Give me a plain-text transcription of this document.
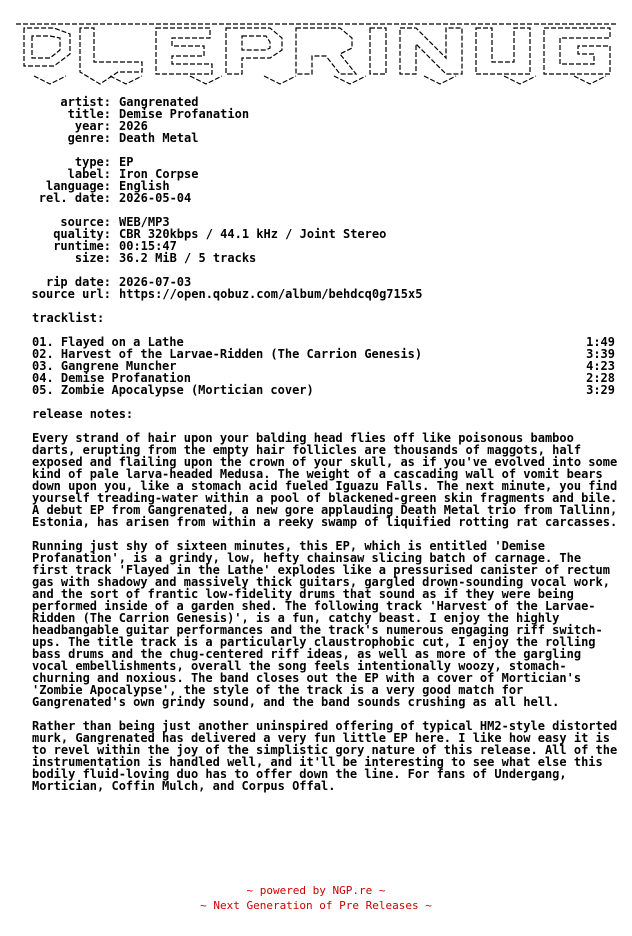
artist: Gangrenated
title: Demise Profanation
year: 2026
genre: Death Metal
type: EP
label: Iron Corpse
language: English
rel. date: 2026-05-04
source: WEB/MP3
quality: CBR 320kbps / 44.1 kHz / Joint Stereo
runtime: 00:15:47
size: 36.2 MiB / 5 tracks
rip date: 2026-07-03
source url: https://open.qobuz.com/album/behdcq0g715x5
tracklist:
01. Flayed on a Lathe	1:49
02. Harvest of the Larvae-Ridden (The Carrion Genesis)	3:39
03. Gangrene Muncher	4:23
04. Demise Profanation	2:28
05. Zombie Apocalypse (Mortician cover)	3:29
release notes:

Every strand of hair upon your balding head flies off like poisonous bamboo darts, erupting from the empty hair follicles are thousands of maggots, half exposed and flailing upon the crown of your skull, as if you've evolved into some kind of pale larva-headed Medusa. The weight of a cascading wall of vomit bears down upon you, like a stomach acid fueled Iguazu Falls. The next minute, you find yourself treading-water within a pool of blackened-green skin fragments and bile. A debut EP from Gangrenated, a new gore applauding Death Metal trio from Tallinn, Estonia, has arisen from within a reeky swamp of liquified rotting rat carcasses.

Running just shy of sixteen minutes, this EP, which is entitled 'Demise Profanation', is a grindy, low, hefty chainsaw slicing batch of carnage. The first track 'Flayed in the Lathe' explodes like a pressurised canister of rectum gas with shadowy and massively thick guitars, gargled drown-sounding vocal work, and the sort of frantic low-fidelity drums that sound as if they were being performed inside of a garden shed. The following track 'Harvest of the Larvae-Ridden (The Carrion Genesis)', is a fun, catchy beast. I enjoy the highly headbangable guitar performances and the track's numerous engaging riff switch-ups. The title track is a particularly claustrophobic cut, I enjoy the rolling bass drums and the chug-centered riff ideas, as well as more of the gargling vocal embellishments, overall the song feels intentionally woozy, stomach-churning and noxious. The band closes out the EP with a cover of Mortician's 'Zombie Apocalypse', the style of the track is a very good match for Gangrenated's own grindy sound, and the band sounds crushing as all hell.

Rather than being just another uninspired offering of typical HM2-style distorted murk, Gangrenated has delivered a very fun little EP here. I like how easy it is to revel within the joy of the simplistic gory nature of this release. All of the instrumentation is handled well, and it'll be interesting to see what else this bodily fluid-loving duo has to offer down the line. For fans of Undergang, Mortician, Coffin Mulch, and Corpus Offal.

~ powered by NGP.re ~
~ Next Generation of Pre Releases ~
